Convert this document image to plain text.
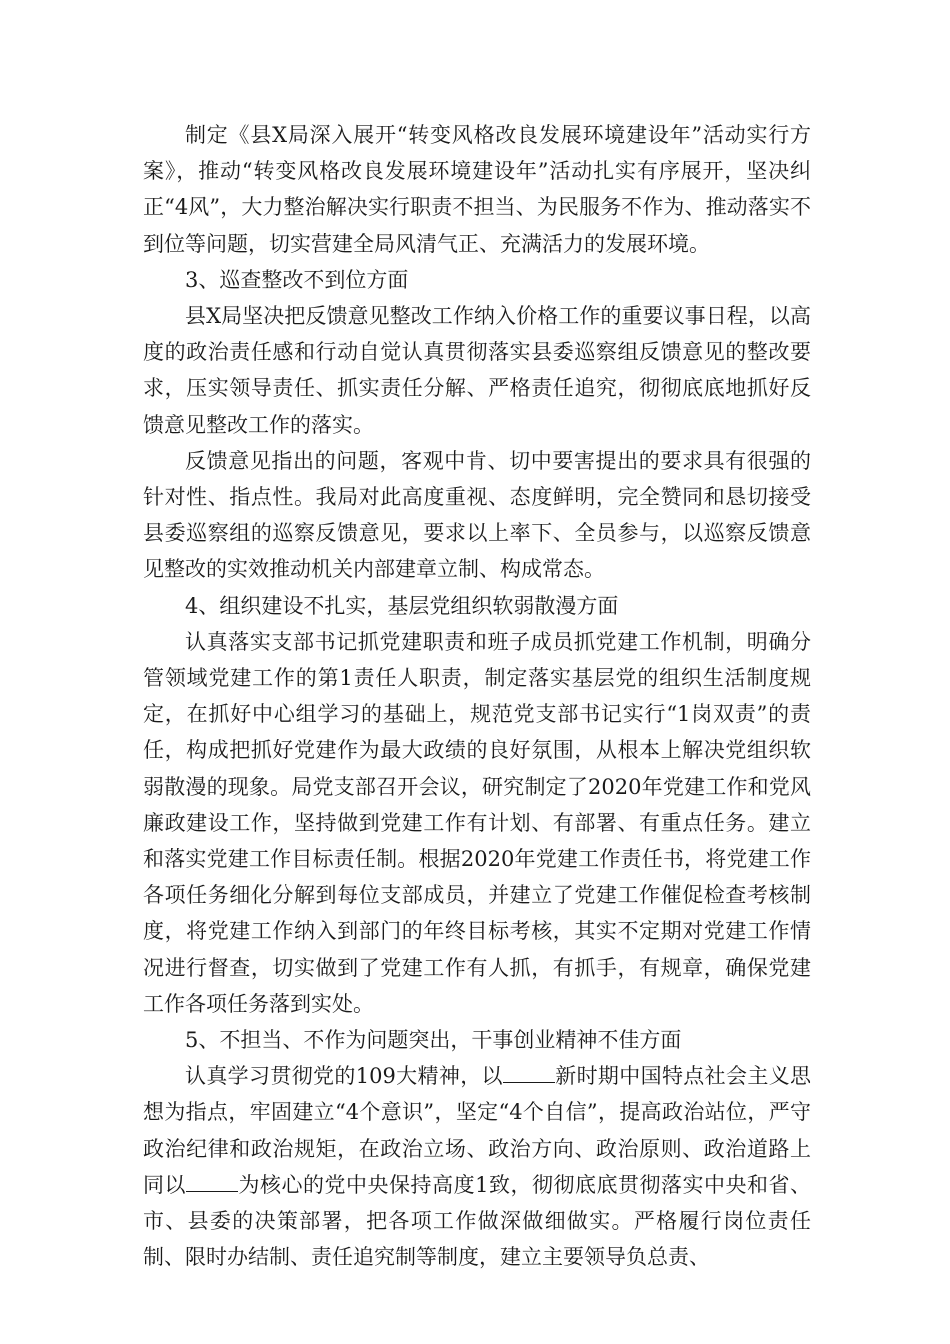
制定《县X局深入展开“转变风格改良发展环境建设年”活动实行方案》，推动“转变风格改良发展环境建设年”活动扎实有序展开，坚决纠正“4风”，大力整治解决实行职责不担当、为民服务不作为、推动落实不到位等问题，切实营建全局风清气正、充满活力的发展环境。

3、巡查整改不到位方面

县X局坚决把反馈意见整改工作纳入价格工作的重要议事日程，以高度的政治责任感和行动自觉认真贯彻落实县委巡察组反馈意见的整改要求，压实领导责任、抓实责任分解、严格责任追究，彻彻底底地抓好反馈意见整改工作的落实。

反馈意见指出的问题，客观中肯、切中要害提出的要求具有很强的针对性、指点性。我局对此高度重视、态度鲜明，完全赞同和恳切接受县委巡察组的巡察反馈意见，要求以上率下、全员参与，以巡察反馈意见整改的实效推动机关内部建章立制、构成常态。

4、组织建设不扎实，基层党组织软弱散漫方面

认真落实支部书记抓党建职责和班子成员抓党建工作机制，明确分管领域党建工作的第1责任人职责，制定落实基层党的组织生活制度规定，在抓好中心组学习的基础上，规范党支部书记实行“1岗双责”的责任，构成把抓好党建作为最大政绩的良好氛围，从根本上解决党组织软弱散漫的现象。局党支部召开会议，研究制定了2020年党建工作和党风廉政建设工作，坚持做到党建工作有计划、有部署、有重点任务。建立和落实党建工作目标责任制。根据2020年党建工作责任书，将党建工作各项任务细化分解到每位支部成员，并建立了党建工作催促检查考核制度，将党建工作纳入到部门的年终目标考核，其实不定期对党建工作情况进行督查，切实做到了党建工作有人抓，有抓手，有规章，确保党建工作各项任务落到实处。

5、不担当、不作为问题突出，干事创业精神不佳方面

认真学习贯彻党的109大精神，以 新时期中国特点社会主义思想为指点，牢固建立“4个意识”，坚定“4个自信”，提高政治站位，严守政治纪律和政治规矩，在政治立场、政治方向、政治原则、政治道路上同以 为核心的党中央保持高度1致，彻彻底底贯彻落实中央和省、市、县委的决策部署，把各项工作做深做细做实。严格履行岗位责任制、限时办结制、责任追究制等制度，建立主要领导负总责、
